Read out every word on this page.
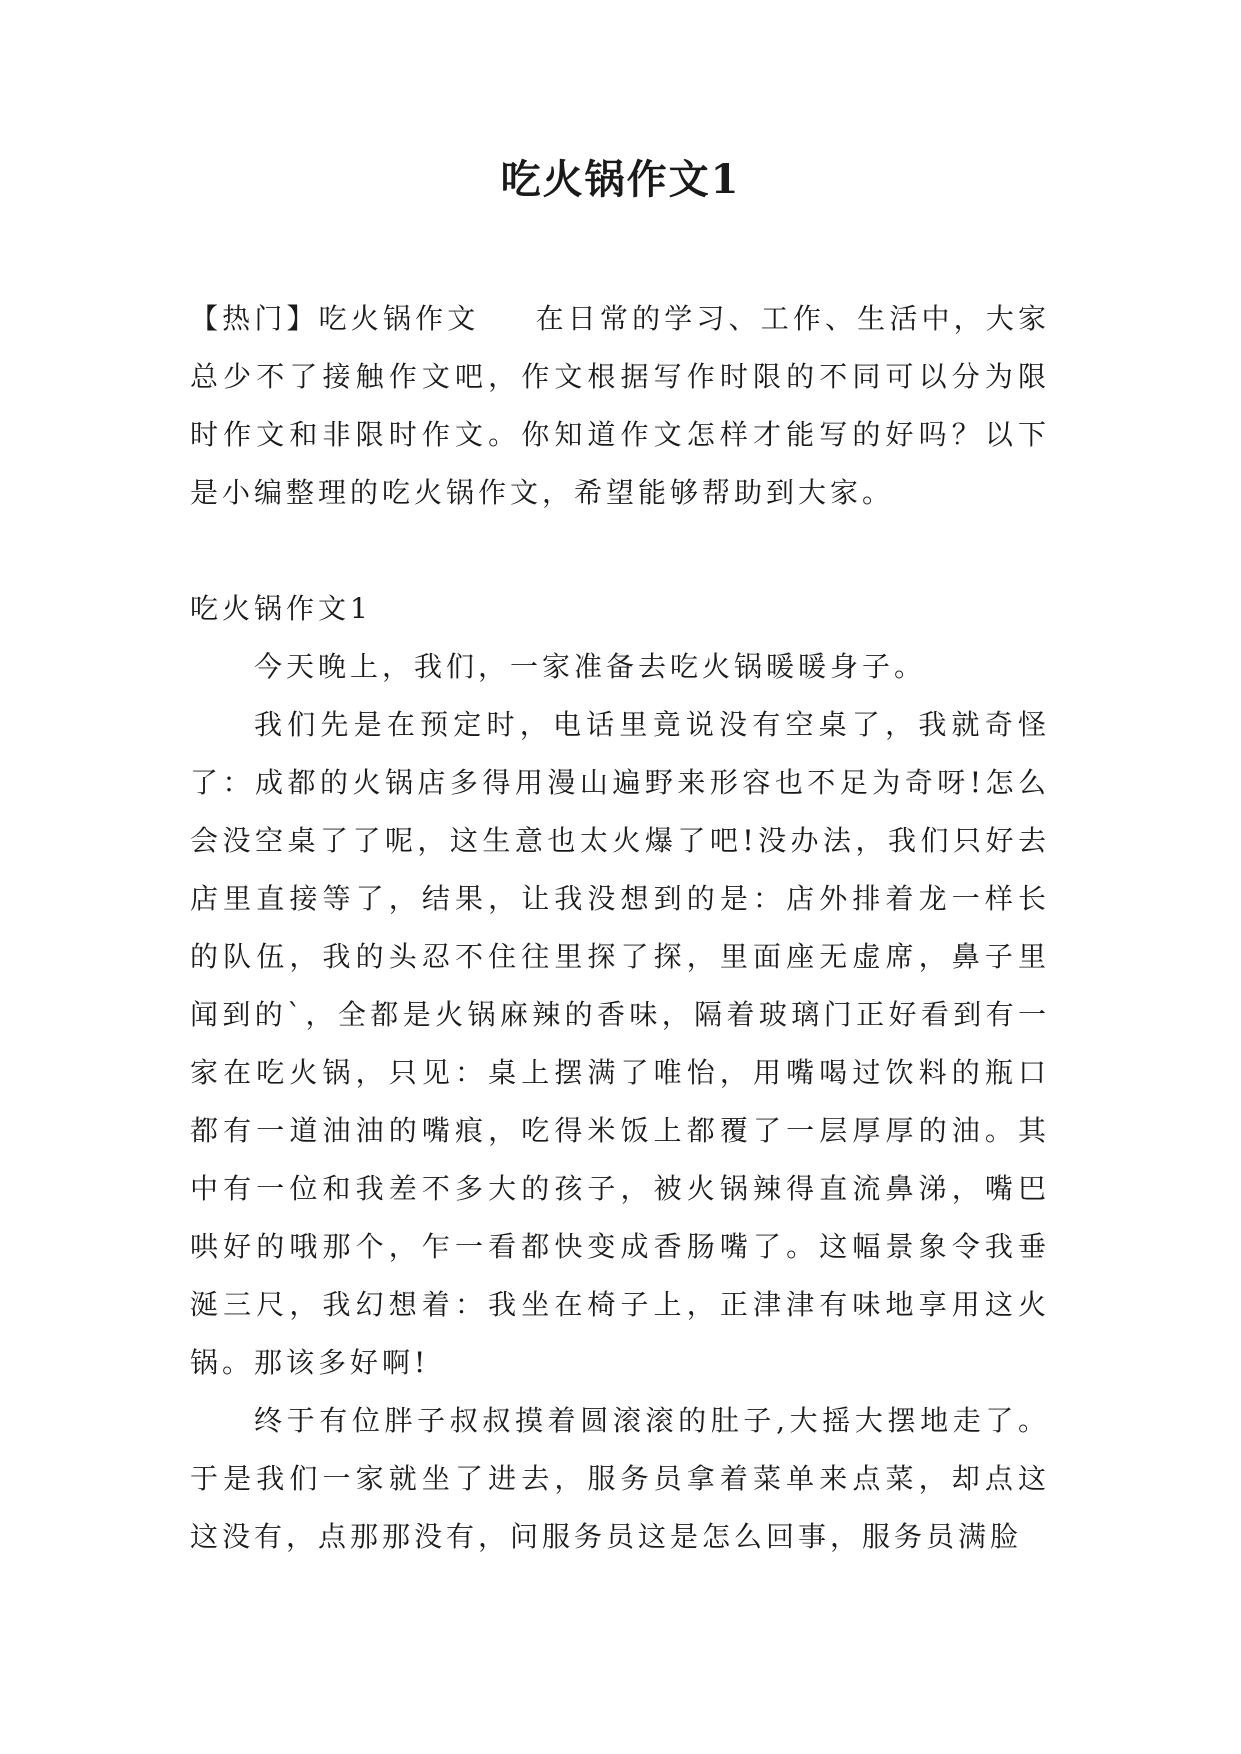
吃火锅作文1

【热门】吃火锅作文 在日常的学习、工作、生活中，大家总少不了接触作文吧，作文根据写作时限的不同可以分为限时作文和非限时作文。你知道作文怎样才能写的好吗？以下是小编整理的吃火锅作文，希望能够帮助到大家。

吃火锅作文1

今天晚上，我们，一家准备去吃火锅暖暖身子。

我们先是在预定时，电话里竟说没有空桌了，我就奇怪了：成都的火锅店多得用漫山遍野来形容也不足为奇呀!怎么会没空桌了了呢，这生意也太火爆了吧!没办法，我们只好去店里直接等了，结果，让我没想到的是：店外排着龙一样长的队伍，我的头忍不住往里探了探，里面座无虚席，鼻子里闻到的`，全都是火锅麻辣的香味，隔着玻璃门正好看到有一家在吃火锅，只见：桌上摆满了唯怡，用嘴喝过饮料的瓶口都有一道油油的嘴痕，吃得米饭上都覆了一层厚厚的油。其中有一位和我差不多大的孩子，被火锅辣得直流鼻涕，嘴巴哄好的哦那个，乍一看都快变成香肠嘴了。这幅景象令我垂涎三尺，我幻想着：我坐在椅子上，正津津有味地享用这火锅。那该多好啊!

终于有位胖子叔叔摸着圆滚滚的肚子,大摇大摆地走了。于是我们一家就坐了进去，服务员拿着菜单来点菜，却点这这没有，点那那没有，问服务员这是怎么回事，服务员满脸
